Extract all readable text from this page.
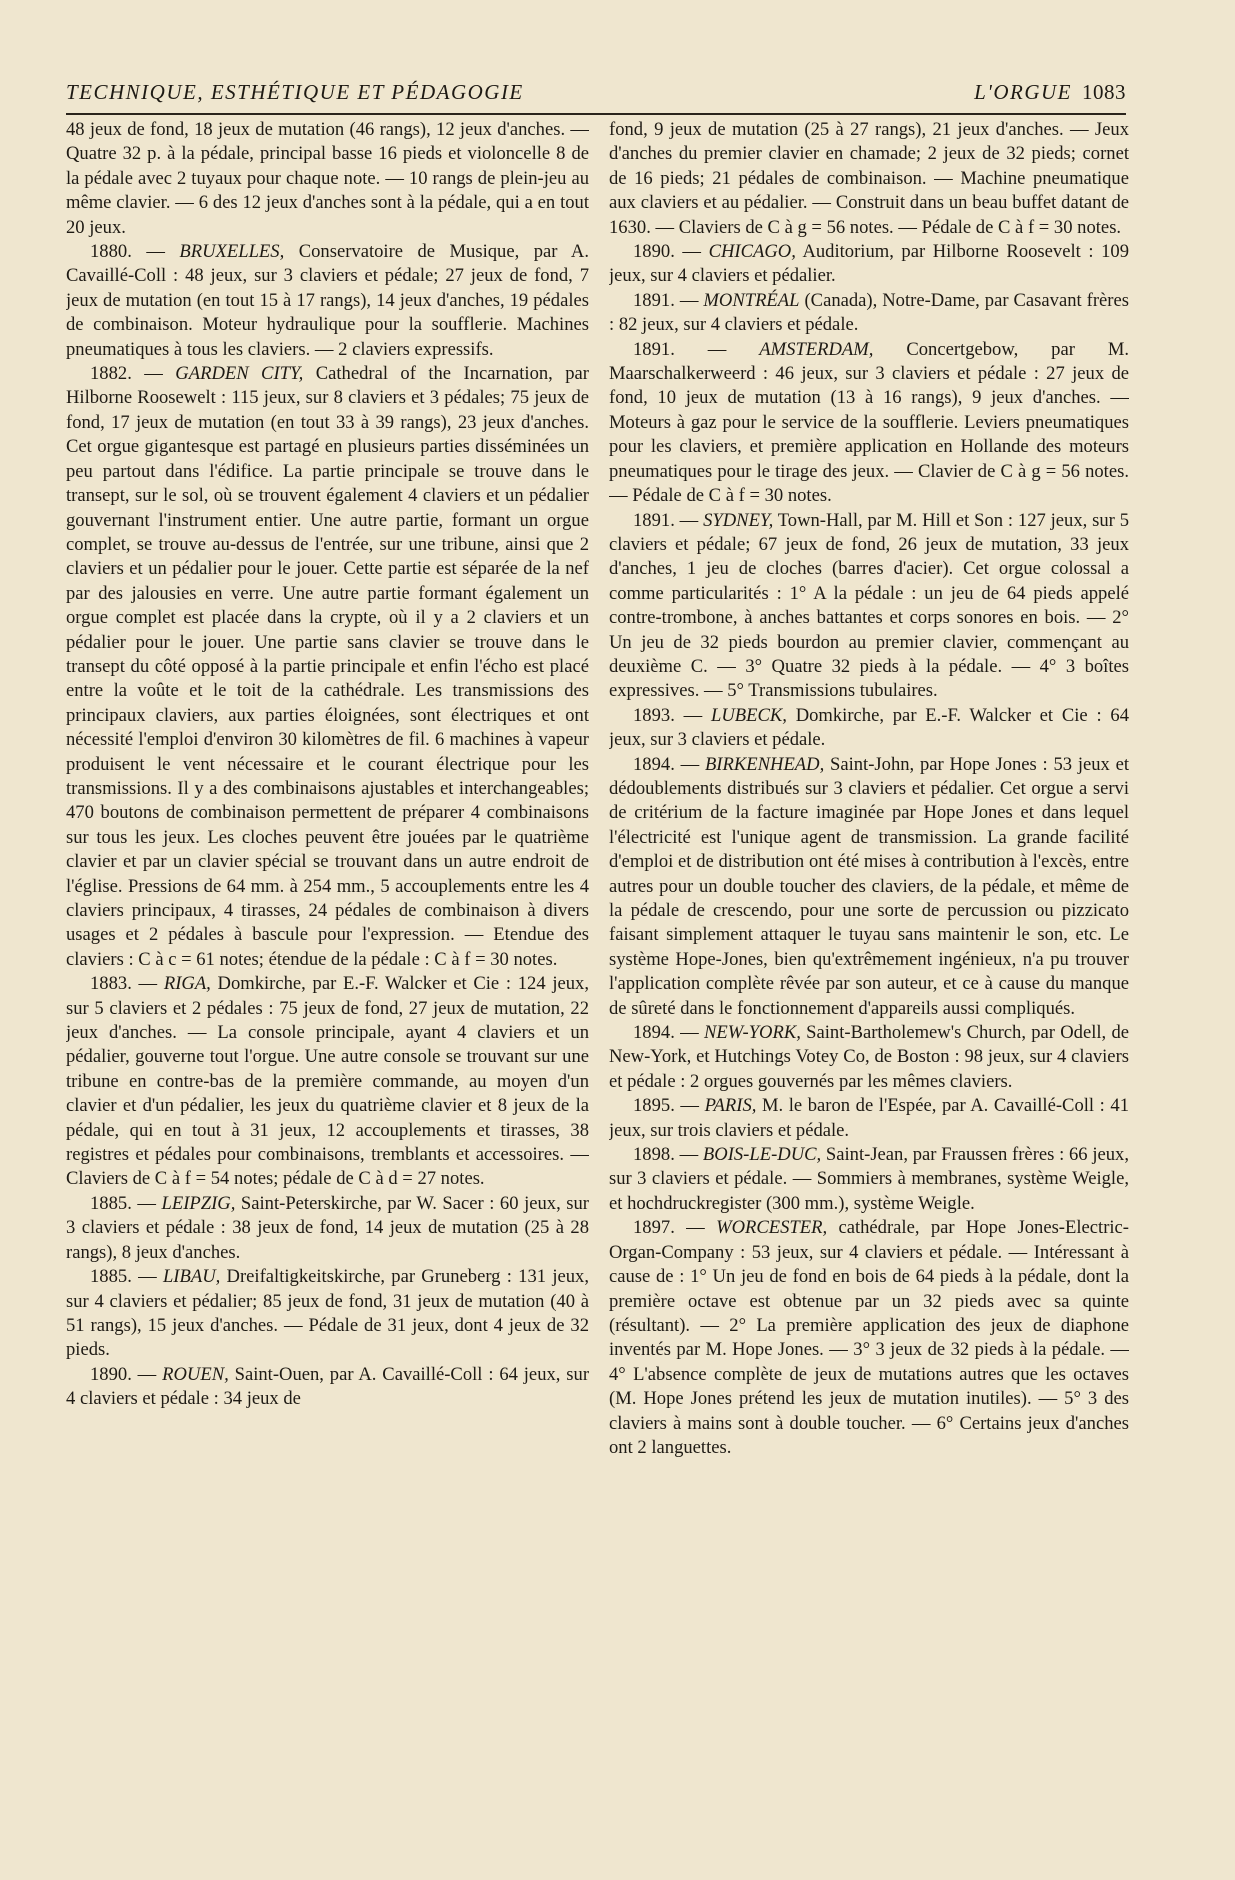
TECHNIQUE, ESTHÉTIQUE ET PÉDAGOGIE	L'ORGUE 1083

48 jeux de fond, 18 jeux de mutation (46 rangs), 12 jeux d'anches. — Quatre 32 p. à la pédale, principal basse 16 pieds et violoncelle 8 de la pédale avec 2 tuyaux pour chaque note. — 10 rangs de plein-jeu au même clavier. — 6 des 12 jeux d'anches sont à la pédale, qui a en tout 20 jeux.

1880. — BRUXELLES, Conservatoire de Musique, par A. Cavaillé-Coll : 48 jeux, sur 3 claviers et pédale; 27 jeux de fond, 7 jeux de mutation (en tout 15 à 17 rangs), 14 jeux d'anches, 19 pédales de combinaison. Moteur hydraulique pour la soufflerie. Machines pneumatiques à tous les claviers. — 2 claviers expressifs.

1882. — GARDEN CITY, Cathedral of the Incarnation, par Hilborne Roosewelt : 115 jeux, sur 8 claviers et 3 pédales; 75 jeux de fond, 17 jeux de mutation (en tout 33 à 39 rangs), 23 jeux d'anches. Cet orgue gigantesque est partagé en plusieurs parties disséminées un peu partout dans l'édifice. La partie principale se trouve dans le transept, sur le sol, où se trouvent également 4 claviers et un pédalier gouvernant l'instrument entier. Une autre partie, formant un orgue complet, se trouve au-dessus de l'entrée, sur une tribune, ainsi que 2 claviers et un pédalier pour le jouer. Cette partie est séparée de la nef par des jalousies en verre. Une autre partie formant également un orgue complet est placée dans la crypte, où il y a 2 claviers et un pédalier pour le jouer. Une partie sans clavier se trouve dans le transept du côté opposé à la partie principale et enfin l'écho est placé entre la voûte et le toit de la cathédrale. Les transmissions des principaux claviers, aux parties éloignées, sont électriques et ont nécessité l'emploi d'environ 30 kilomètres de fil. 6 machines à vapeur produisent le vent nécessaire et le courant électrique pour les transmissions. Il y a des combinaisons ajustables et interchangeables; 470 boutons de combinaison permettent de préparer 4 combinaisons sur tous les jeux. Les cloches peuvent être jouées par le quatrième clavier et par un clavier spécial se trouvant dans un autre endroit de l'église. Pressions de 64 mm. à 254 mm., 5 accouplements entre les 4 claviers principaux, 4 tirasses, 24 pédales de combinaison à divers usages et 2 pédales à bascule pour l'expression. — Etendue des claviers : C à c = 61 notes; étendue de la pédale : C à f = 30 notes.

1883. — RIGA, Domkirche, par E.-F. Walcker et Cie : 124 jeux, sur 5 claviers et 2 pédales : 75 jeux de fond, 27 jeux de mutation, 22 jeux d'anches. — La console principale, ayant 4 claviers et un pédalier, gouverne tout l'orgue. Une autre console se trouvant sur une tribune en contre-bas de la première commande, au moyen d'un clavier et d'un pédalier, les jeux du quatrième clavier et 8 jeux de la pédale, qui en tout à 31 jeux, 12 accouplements et tirasses, 38 registres et pédales pour combinaisons, tremblants et accessoires. — Claviers de C à f = 54 notes; pédale de C à d = 27 notes.

1885. — LEIPZIG, Saint-Peterskirche, par W. Sacer : 60 jeux, sur 3 claviers et pédale : 38 jeux de fond, 14 jeux de mutation (25 à 28 rangs), 8 jeux d'anches.

1885. — LIBAU, Dreifaltigkeitskirche, par Gruneberg : 131 jeux, sur 4 claviers et pédalier; 85 jeux de fond, 31 jeux de mutation (40 à 51 rangs), 15 jeux d'anches. — Pédale de 31 jeux, dont 4 jeux de 32 pieds.

1890. — ROUEN, Saint-Ouen, par A. Cavaillé-Coll : 64 jeux, sur 4 claviers et pédale : 34 jeux de

fond, 9 jeux de mutation (25 à 27 rangs), 21 jeux d'anches. — Jeux d'anches du premier clavier en chamade; 2 jeux de 32 pieds; cornet de 16 pieds; 21 pédales de combinaison. — Machine pneumatique aux claviers et au pédalier. — Construit dans un beau buffet datant de 1630. — Claviers de C à g = 56 notes. — Pédale de C à f = 30 notes.

1890. — CHICAGO, Auditorium, par Hilborne Roosevelt : 109 jeux, sur 4 claviers et pédalier.

1891. — MONTRÉAL (Canada), Notre-Dame, par Casavant frères : 82 jeux, sur 4 claviers et pédale.

1891. — AMSTERDAM, Concertgebow, par M. Maarschalkerweerd : 46 jeux, sur 3 claviers et pédale : 27 jeux de fond, 10 jeux de mutation (13 à 16 rangs), 9 jeux d'anches. — Moteurs à gaz pour le service de la soufflerie. Leviers pneumatiques pour les claviers, et première application en Hollande des moteurs pneumatiques pour le tirage des jeux. — Clavier de C à g = 56 notes. — Pédale de C à f = 30 notes.

1891. — SYDNEY, Town-Hall, par M. Hill et Son : 127 jeux, sur 5 claviers et pédale; 67 jeux de fond, 26 jeux de mutation, 33 jeux d'anches, 1 jeu de cloches (barres d'acier). Cet orgue colossal a comme particularités : 1° A la pédale : un jeu de 64 pieds appelé contre-trombone, à anches battantes et corps sonores en bois. — 2° Un jeu de 32 pieds bourdon au premier clavier, commençant au deuxième C. — 3° Quatre 32 pieds à la pédale. — 4° 3 boîtes expressives. — 5° Transmissions tubulaires.

1893. — LUBECK, Domkirche, par E.-F. Walcker et Cie : 64 jeux, sur 3 claviers et pédale.

1894. — BIRKENHEAD, Saint-John, par Hope Jones : 53 jeux et dédoublements distribués sur 3 claviers et pédalier. Cet orgue a servi de critérium de la facture imaginée par Hope Jones et dans lequel l'électricité est l'unique agent de transmission. La grande facilité d'emploi et de distribution ont été mises à contribution à l'excès, entre autres pour un double toucher des claviers, de la pédale, et même de la pédale de crescendo, pour une sorte de percussion ou pizzicato faisant simplement attaquer le tuyau sans maintenir le son, etc. Le système Hope-Jones, bien qu'extrêmement ingénieux, n'a pu trouver l'application complète rêvée par son auteur, et ce à cause du manque de sûreté dans le fonctionnement d'appareils aussi compliqués.

1894. — NEW-YORK, Saint-Bartholemew's Church, par Odell, de New-York, et Hutchings Votey Co, de Boston : 98 jeux, sur 4 claviers et pédale : 2 orgues gouvernés par les mêmes claviers.

1895. — PARIS, M. le baron de l'Espée, par A. Cavaillé-Coll : 41 jeux, sur trois claviers et pédale.

1898. — BOIS-LE-DUC, Saint-Jean, par Fraussen frères : 66 jeux, sur 3 claviers et pédale. — Sommiers à membranes, système Weigle, et hochdruckregister (300 mm.), système Weigle.

1897. — WORCESTER, cathédrale, par Hope Jones-Electric-Organ-Company : 53 jeux, sur 4 claviers et pédale. — Intéressant à cause de : 1° Un jeu de fond en bois de 64 pieds à la pédale, dont la première octave est obtenue par un 32 pieds avec sa quinte (résultant). — 2° La première application des jeux de diaphone inventés par M. Hope Jones. — 3° 3 jeux de 32 pieds à la pédale. — 4° L'absence complète de jeux de mutations autres que les octaves (M. Hope Jones prétend les jeux de mutation inutiles). — 5° 3 des claviers à mains sont à double toucher. — 6° Certains jeux d'anches ont 2 languettes.
